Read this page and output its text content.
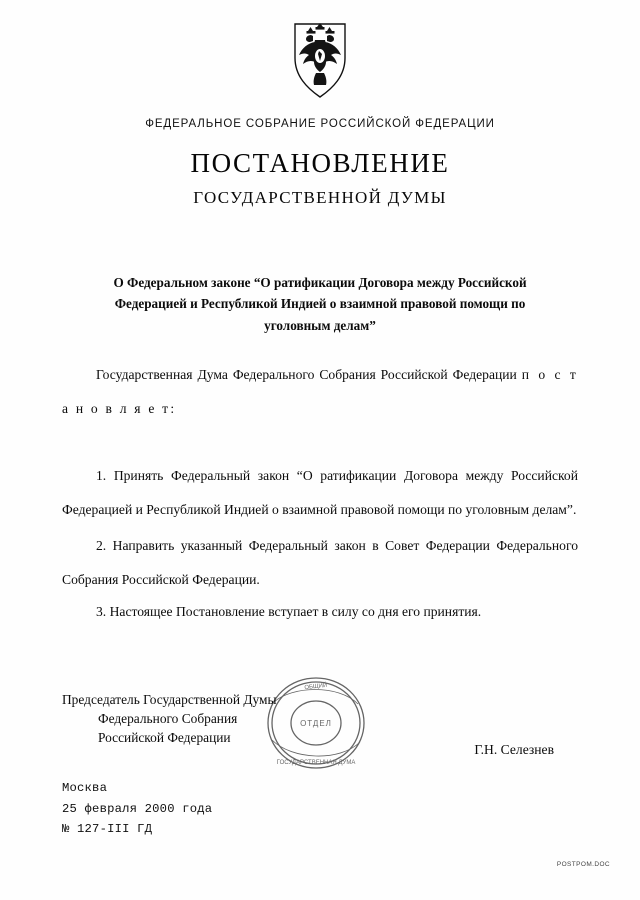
ФЕДЕРАЛЬНОЕ СОБРАНИЕ РОССИЙСКОЙ ФЕДЕРАЦИИ
ПОСТАНОВЛЕНИЕ
ГОСУДАРСТВЕННОЙ ДУМЫ
О Федеральном законе “О ратификации Договора между Российской Федерацией и Республикой Индией о взаимной правовой помощи по уголовным делам”

Государственная Дума Федерального Собрания Российской Федерации п о с т а н о в л я е т:

1. Принять Федеральный закон “О ратификации Договора между Российской Федерацией и Республикой Индией о взаимной правовой помощи по уголовным делам”.

2. Направить указанный Федеральный закон в Совет Федерации Федерального Собрания Российской Федерации.

3. Настоящее Постановление вступает в силу со дня его принятия.

ОБЩИЙ
ГОСУДАРСТВЕННАЯ ДУМА
ОТДЕЛ
Председатель Государственной Думы
Федерального Собрания
Российской Федерации
Г.Н. Селезнев
Москва
25 февраля 2000 года
№ 127-III ГД
POSTPOM.DOC
